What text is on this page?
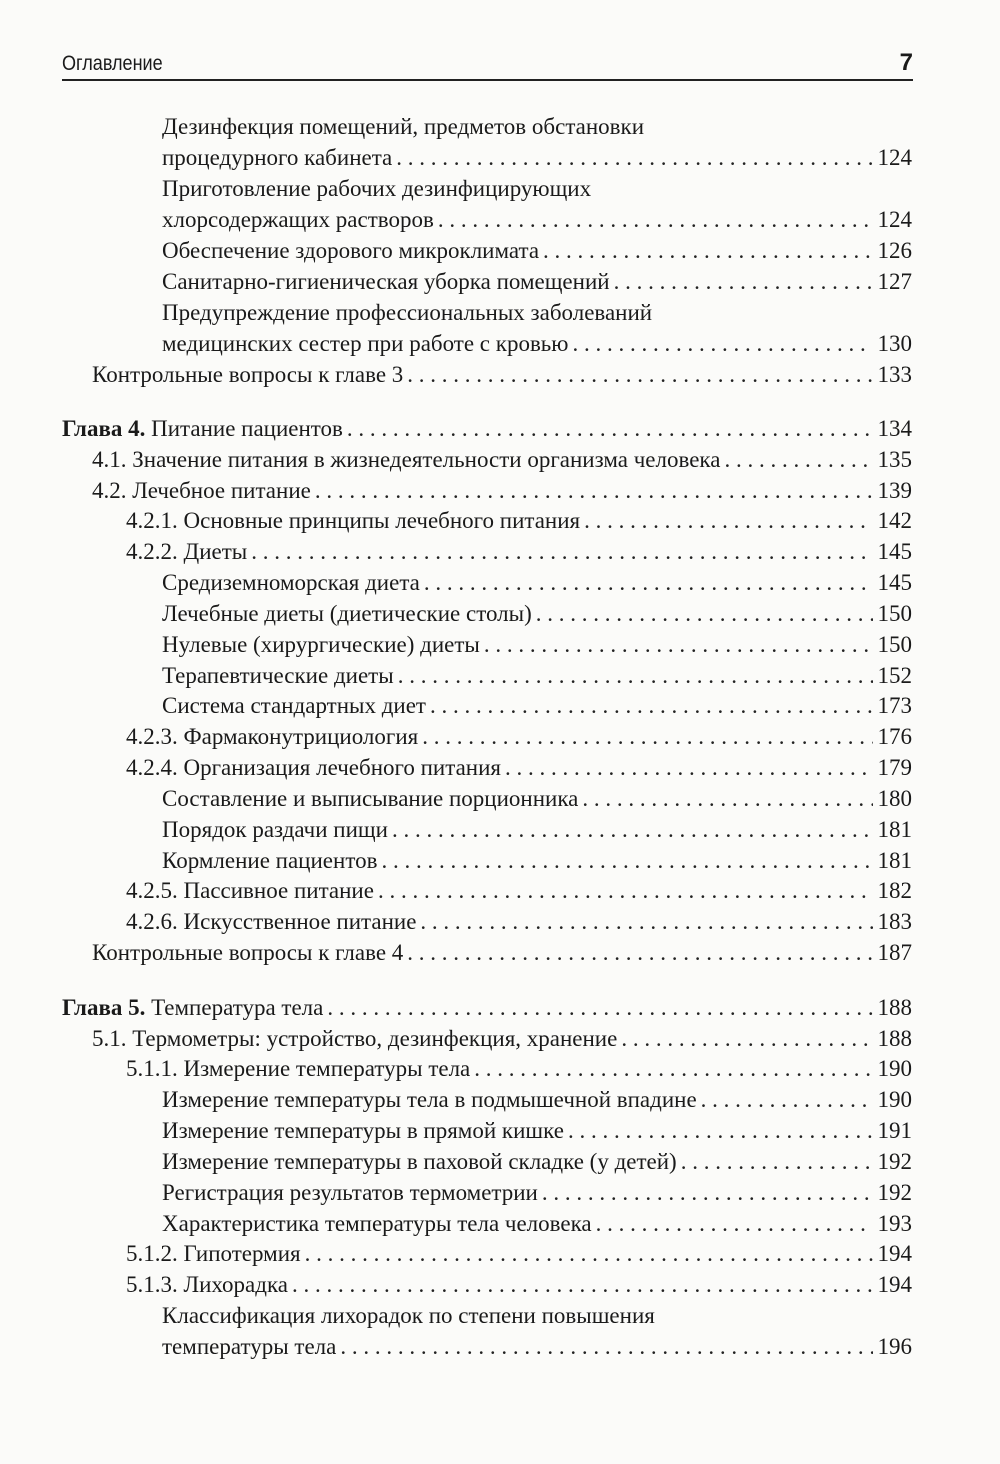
Оглавление	7
Дезинфекция помещений, предметов обстановки
процедурного кабинета . . .	124
Приготовление рабочих дезинфицирующих
хлорсодержащих растворов . . .	124
Обеспечение здорового микроклимата . . .	126
Санитарно-гигиеническая уборка помещений . . .	127
Предупреждение профессиональных заболеваний
медицинских сестер при работе с кровью . . .	130
Контрольные вопросы к главе 3 . . .	133
Глава 4. Питание пациентов . . .	134
4.1. Значение питания в жизнедеятельности организма человека . . .	135
4.2. Лечебное питание . . .	139
4.2.1. Основные принципы лечебного питания . . .	142
4.2.2. Диеты . . .	145
Средиземноморская диета . . .	145
Лечебные диеты (диетические столы) . . .	150
Нулевые (хирургические) диеты . . .	150
Терапевтические диеты . . .	152
Система стандартных диет . . .	173
4.2.3. Фармаконутрициология . . .	176
4.2.4. Организация лечебного питания . . .	179
Составление и выписывание порционника . . .	180
Порядок раздачи пищи . . .	181
Кормление пациентов . . .	181
4.2.5. Пассивное питание . . .	182
4.2.6. Искусственное питание . . .	183
Контрольные вопросы к главе 4 . . .	187
Глава 5. Температура тела . . .	188
5.1. Термометры: устройство, дезинфекция, хранение . . .	188
5.1.1. Измерение температуры тела . . .	190
Измерение температуры тела в подмышечной впадине . . .	190
Измерение температуры в прямой кишке . . .	191
Измерение температуры в паховой складке (у детей) . . .	192
Регистрация результатов термометрии . . .	192
Характеристика температуры тела человека . . .	193
5.1.2. Гипотермия . . .	194
5.1.3. Лихорадка . . .	194
Классификация лихорадок по степени повышения
температуры тела . . .	196
